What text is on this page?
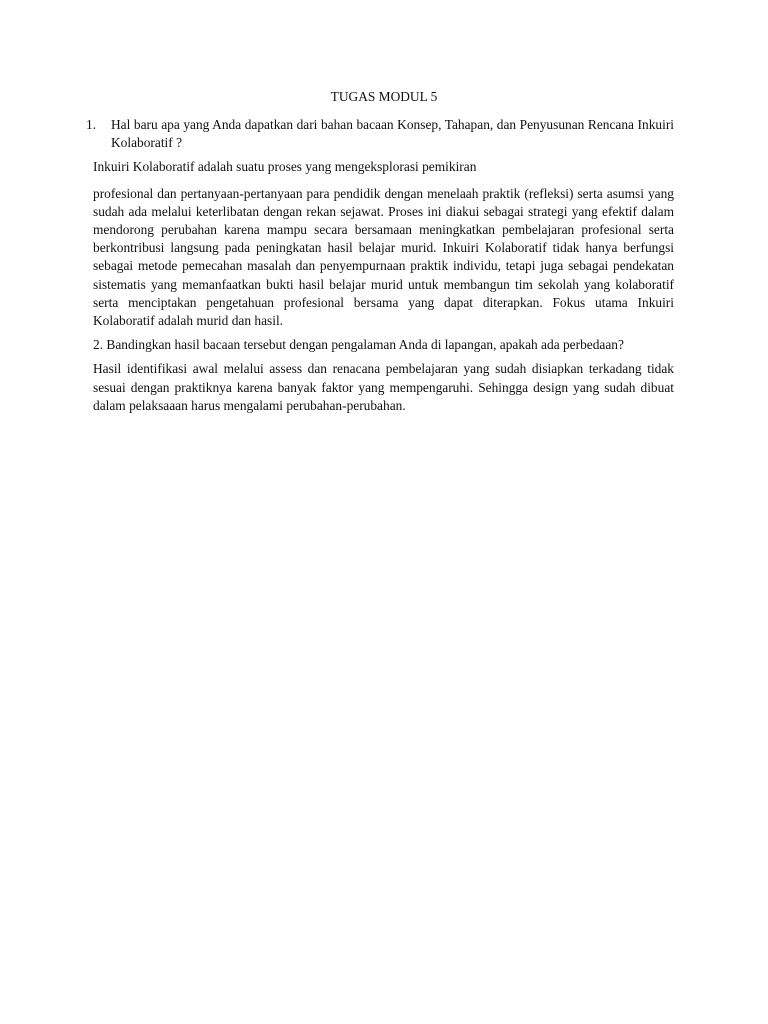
TUGAS MODUL 5
1.	Hal baru apa yang Anda dapatkan dari bahan bacaan Konsep, Tahapan, dan Penyusunan Rencana Inkuiri Kolaboratif ?

Inkuiri Kolaboratif adalah suatu proses yang mengeksplorasi pemikiran

profesional dan pertanyaan-pertanyaan para pendidik dengan menelaah praktik (refleksi) serta asumsi yang sudah ada melalui keterlibatan dengan rekan sejawat. Proses ini diakui sebagai strategi yang efektif dalam mendorong perubahan karena mampu secara bersamaan meningkatkan pembelajaran profesional serta berkontribusi langsung pada peningkatan hasil belajar murid. Inkuiri Kolaboratif tidak hanya berfungsi sebagai metode pemecahan masalah dan penyempurnaan praktik individu, tetapi juga sebagai pendekatan sistematis yang memanfaatkan bukti hasil belajar murid untuk membangun tim sekolah yang kolaboratif serta menciptakan pengetahuan profesional bersama yang dapat diterapkan. Fokus utama Inkuiri Kolaboratif adalah murid dan hasil.

2. Bandingkan hasil bacaan tersebut dengan pengalaman Anda di lapangan, apakah ada perbedaan?

Hasil identifikasi awal melalui assess dan renacana pembelajaran yang sudah disiapkan terkadang tidak sesuai dengan praktiknya karena banyak faktor yang mempengaruhi. Sehingga design yang sudah dibuat dalam pelaksaaan harus mengalami perubahan-perubahan.
